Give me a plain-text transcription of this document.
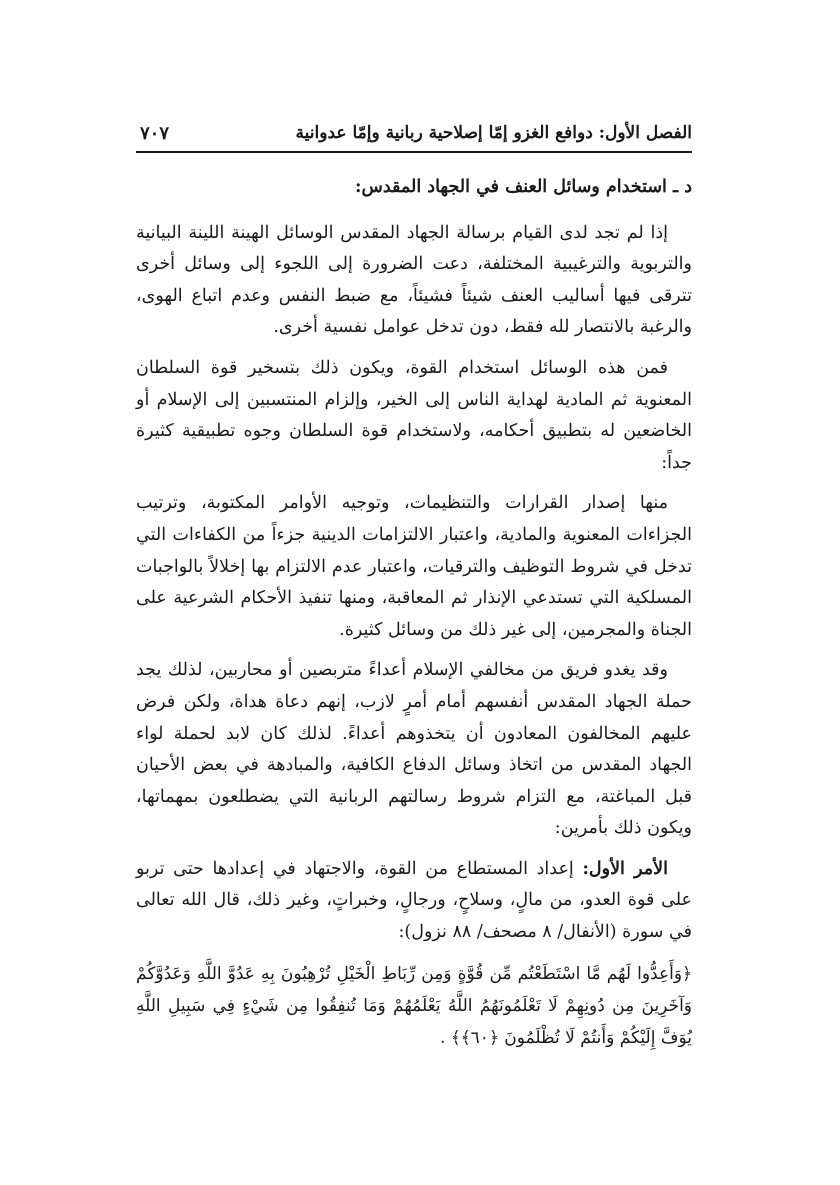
الفصل الأول: دوافع الغزو إمّا إصلاحية ربانية وإمّا عدوانية
٧٠٧
د ـ استخدام وسائل العنف في الجهاد المقدس:

إذا لم تجد لدى القيام برسالة الجهاد المقدس الوسائل الهينة اللينة البيانية والتربوية والترغيبية المختلفة، دعت الضرورة إلى اللجوء إلى وسائل أخرى تترقى فيها أساليب العنف شيئاً فشيئاً، مع ضبط النفس وعدم اتباع الهوى، والرغبة بالانتصار لله فقط، دون تدخل عوامل نفسية أخرى.

فمن هذه الوسائل استخدام القوة، ويكون ذلك بتسخير قوة السلطان المعنوية ثم المادية لهداية الناس إلى الخير، وإلزام المنتسبين إلى الإسلام أو الخاضعين له بتطبيق أحكامه، ولاستخدام قوة السلطان وجوه تطبيقية كثيرة جداً:

منها إصدار القرارات والتنظيمات، وتوجيه الأوامر المكتوبة، وترتيب الجزاءات المعنوية والمادية، واعتبار الالتزامات الدينية جزءاً من الكفاءات التي تدخل في شروط التوظيف والترقيات، واعتبار عدم الالتزام بها إخلالاً بالواجبات المسلكية التي تستدعي الإنذار ثم المعاقبة، ومنها تنفيذ الأحكام الشرعية على الجناة والمجرمين، إلى غير ذلك من وسائل كثيرة.

وقد يغدو فريق من مخالفي الإسلام أعداءً متربصين أو محاربين، لذلك يجد حملة الجهاد المقدس أنفسهم أمام أمرٍ لازب، إنهم دعاة هداة، ولكن فرض عليهم المخالفون المعادون أن يتخذوهم أعداءً. لذلك كان لابد لحملة لواء الجهاد المقدس من اتخاذ وسائل الدفاع الكافية، والمبادهة في بعض الأحيان قبل المباغتة، مع التزام شروط رسالتهم الربانية التي يضطلعون بمهماتها، ويكون ذلك بأمرين:

الأمر الأول: إعداد المستطاع من القوة، والاجتهاد في إعدادها حتى تربو على قوة العدو، من مالٍ، وسلاحٍ، ورجالٍ، وخبراتٍ، وغير ذلك، قال الله تعالى في سورة (الأنفال/ ٨ مصحف/ ٨٨ نزول):

﴿وَأَعِدُّوا لَهُم مَّا اسْتَطَعْتُم مِّن قُوَّةٍ وَمِن رِّبَاطِ الْخَيْلِ تُرْهِبُونَ بِهِ عَدُوَّ اللَّهِ وَعَدُوَّكُمْ وَآخَرِينَ مِن دُونِهِمْ لَا تَعْلَمُونَهُمُ اللَّهُ يَعْلَمُهُمْ وَمَا تُنفِقُوا مِن شَيْءٍ فِي سَبِيلِ اللَّهِ يُوَفَّ إِلَيْكُمْ وَأَنتُمْ لَا تُظْلَمُونَ ﴿٦٠﴾﴾ .
